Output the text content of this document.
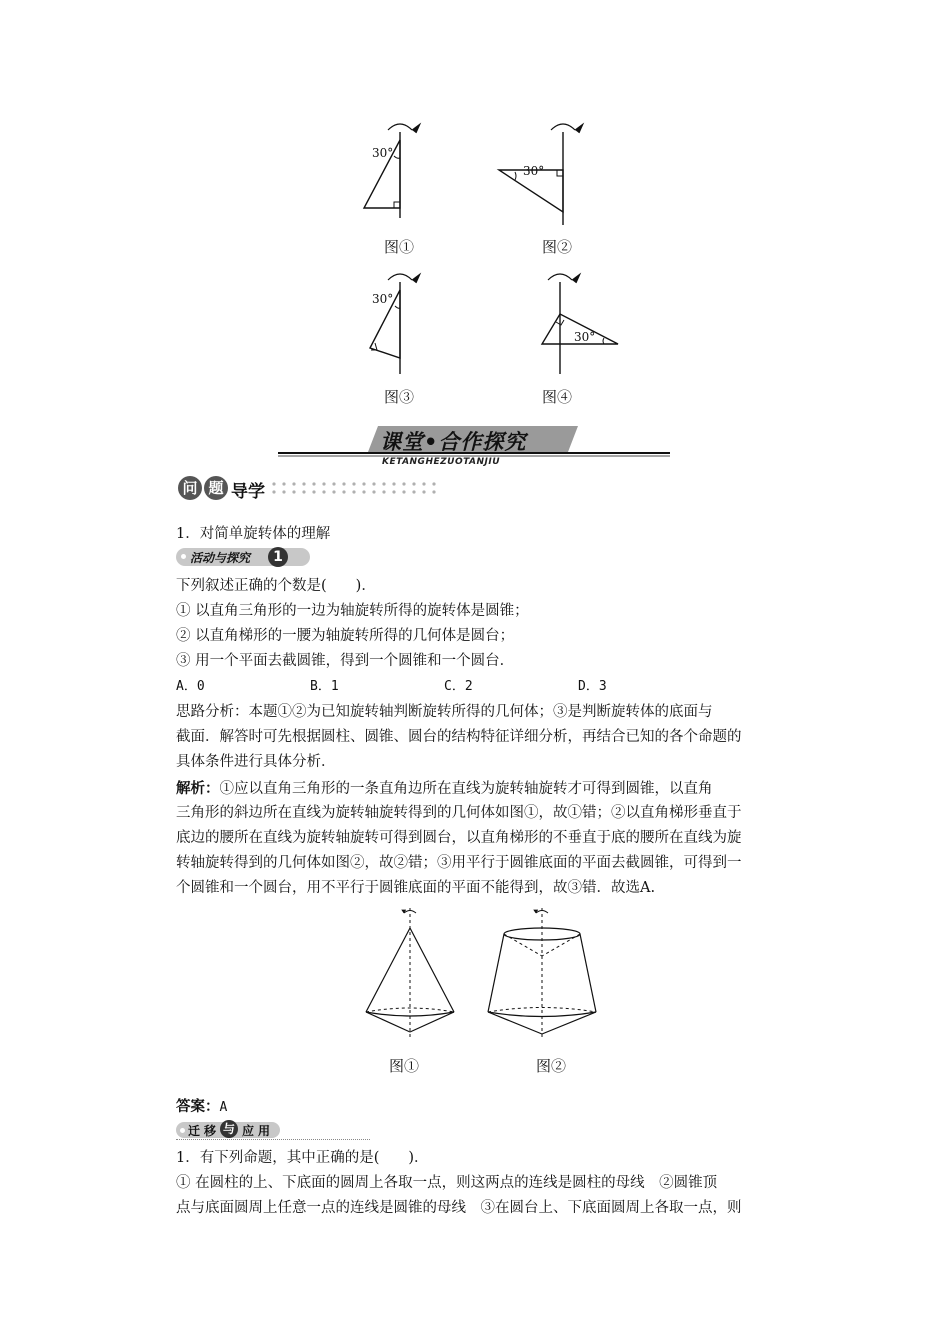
30°
图①
30°
图②
30°
图③
30°
图④
课堂•合作探究
KETANGHEZUOTANJIU
问 题 导学
1．对简单旋转体的理解
活动与探究	1
下列叙述正确的个数是(　　)．
① 以直角三角形的一边为轴旋转所得的旋转体是圆锥；
② 以直角梯形的一腰为轴旋转所得的几何体是圆台；
③ 用一个平面去截圆锥，得到一个圆锥和一个圆台．
A．0	B．1	C．2	D．3
思路分析：本题①②为已知旋转轴判断旋转所得的几何体；③是判断旋转体的底面与
截面．解答时可先根据圆柱、圆锥、圆台的结构特征详细分析，再结合已知的各个命题的
具体条件进行具体分析．
解析：①应以直角三角形的一条直角边所在直线为旋转轴旋转才可得到圆锥，以直角
三角形的斜边所在直线为旋转轴旋转得到的几何体如图①，故①错；②以直角梯形垂直于
底边的腰所在直线为旋转轴旋转可得到圆台，以直角梯形的不垂直于底的腰所在直线为旋
转轴旋转得到的几何体如图②，故②错；③用平行于圆锥底面的平面去截圆锥，可得到一
个圆锥和一个圆台，用不平行于圆锥底面的平面不能得到，故③错．故选A.
图①	图②
答案：A
迁 移 与 应 用
1．有下列命题，其中正确的是(　　)．
① 在圆柱的上、下底面的圆周上各取一点，则这两点的连线是圆柱的母线　②圆锥顶
点与底面圆周上任意一点的连线是圆锥的母线　③在圆台上、下底面圆周上各取一点，则
